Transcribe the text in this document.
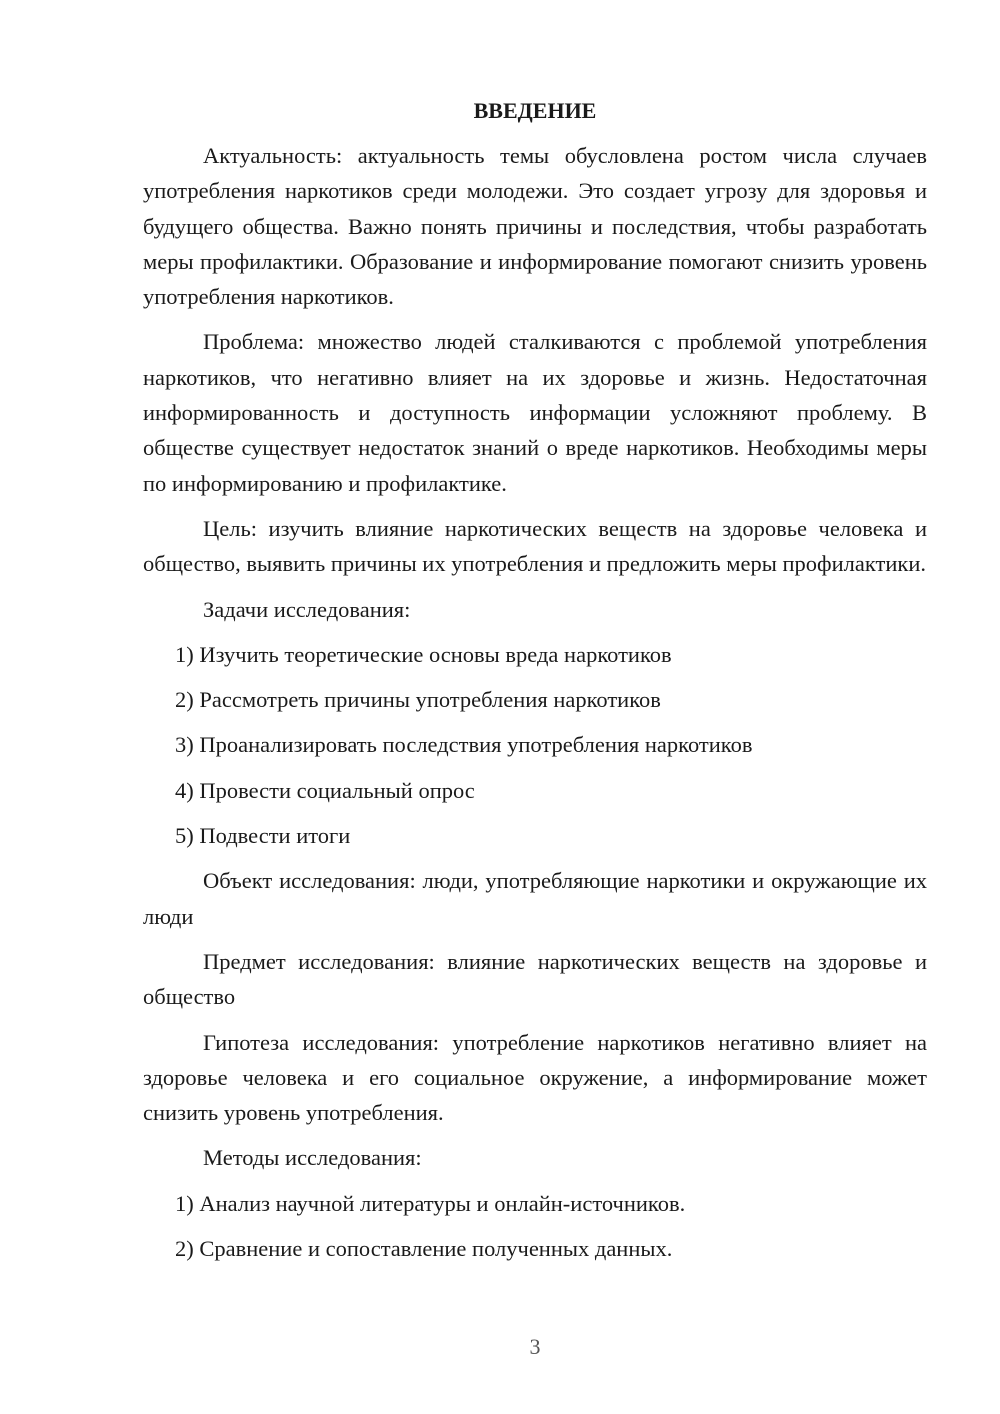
ВВЕДЕНИЕ

Актуальность: актуальность темы обусловлена ростом числа случаев употребления наркотиков среди молодежи. Это создает угрозу для здоровья и будущего общества. Важно понять причины и последствия, чтобы разработать меры профилактики. Образование и информирование помогают снизить уровень употребления наркотиков.

Проблема: множество людей сталкиваются с проблемой употребления наркотиков, что негативно влияет на их здоровье и жизнь. Недостаточная информированность и доступность информации усложняют проблему. В обществе существует недостаток знаний о вреде наркотиков. Необходимы меры по информированию и профилактике.

Цель: изучить влияние наркотических веществ на здоровье человека и общество, выявить причины их употребления и предложить меры профилактики.

Задачи исследования:

1) Изучить теоретические основы вреда наркотиков
2) Рассмотреть причины употребления наркотиков
3) Проанализировать последствия употребления наркотиков
4) Провести социальный опрос
5) Подвести итоги

Объект исследования: люди, употребляющие наркотики и окружающие их люди

Предмет исследования: влияние наркотических веществ на здоровье и общество

Гипотеза исследования: употребление наркотиков негативно влияет на здоровье человека и его социальное окружение, а информирование может снизить уровень употребления.

Методы исследования:

1) Анализ научной литературы и онлайн-источников.
2) Сравнение и сопоставление полученных данных.
3
